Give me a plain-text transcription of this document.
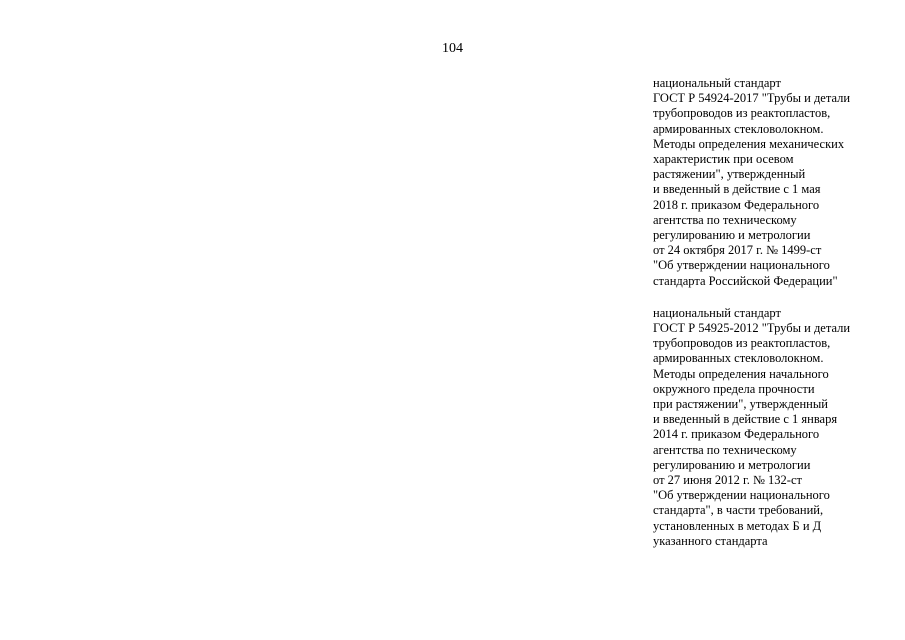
104
национальный стандарт
ГОСТ Р 54924-2017 "Трубы и детали
трубопроводов из реактопластов,
армированных стекловолокном.
Методы определения механических
характеристик при осевом
растяжении", утвержденный
и введенный в действие с 1 мая
2018 г. приказом Федерального
агентства по техническому
регулированию и метрологии
от 24 октября 2017 г. № 1499-ст
"Об утверждении национального
стандарта Российской Федерации"
национальный стандарт
ГОСТ Р 54925-2012 "Трубы и детали
трубопроводов из реактопластов,
армированных стекловолокном.
Методы определения начального
окружного предела прочности
при растяжении", утвержденный
и введенный в действие с 1 января
2014 г. приказом Федерального
агентства по техническому
регулированию и метрологии
от 27 июня 2012 г. № 132-ст
"Об утверждении национального
стандарта", в части требований,
установленных в методах Б и Д
указанного стандарта
